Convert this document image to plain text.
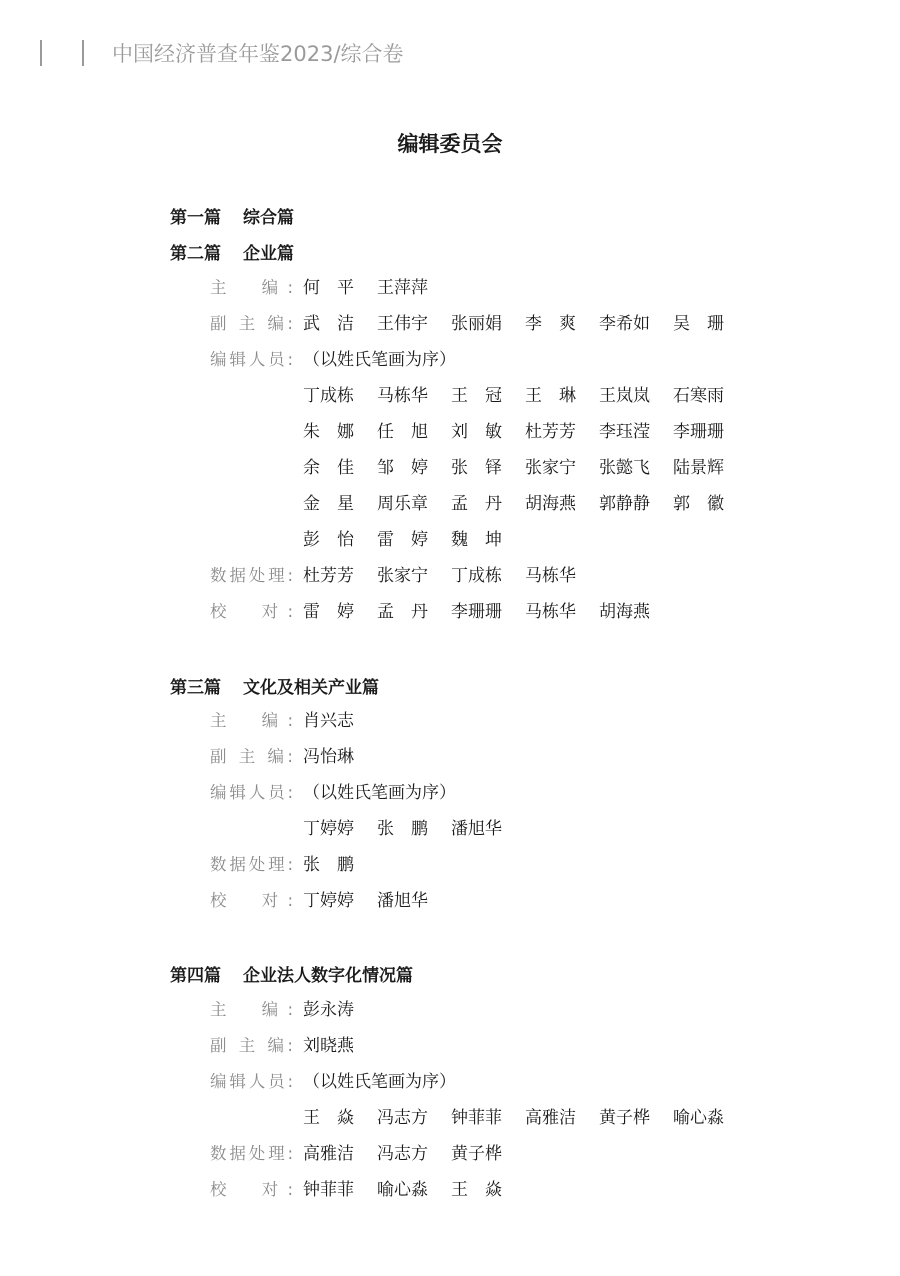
中国经济普查年鉴2023/综合卷
编辑委员会
第一篇 综合篇
第二篇 企业篇
主　编: 何　平 王萍萍
副 主 编: 武　洁 王伟宇 张丽娟 李　爽 李希如 吴　珊
编辑人员: （以姓氏笔画为序）
丁成栋 马栋华 王　冠 王　琳 王岚岚 石寒雨
朱　娜 任　旭 刘　敏 杜芳芳 李珏滢 李珊珊
余　佳 邹　婷 张　铎 张家宁 张懿飞 陆景辉
金　星 周乐章 孟　丹 胡海燕 郭静静 郭　徽
彭　怡 雷　婷 魏　坤
数据处理: 杜芳芳 张家宁 丁成栋 马栋华
校　对: 雷　婷 孟　丹 李珊珊 马栋华 胡海燕
第三篇 文化及相关产业篇
主　编: 肖兴志
副 主 编: 冯怡琳
编辑人员: （以姓氏笔画为序）
丁婷婷 张　鹏 潘旭华
数据处理: 张　鹏
校　对: 丁婷婷 潘旭华
第四篇 企业法人数字化情况篇
主　编: 彭永涛
副 主 编: 刘晓燕
编辑人员: （以姓氏笔画为序）
王　焱 冯志方 钟菲菲 高雅洁 黄子桦 喻心淼
数据处理: 高雅洁 冯志方 黄子桦
校　对: 钟菲菲 喻心淼 王　焱
